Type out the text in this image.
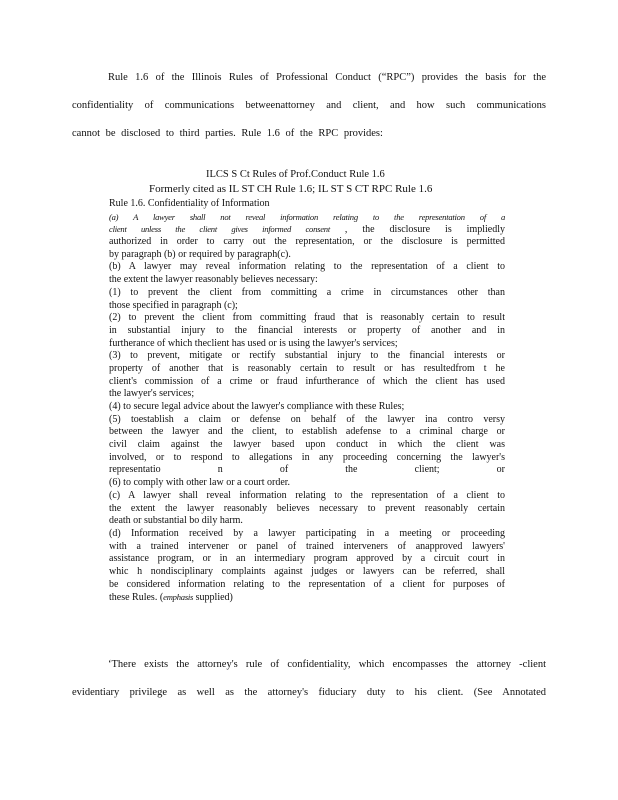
Rule 1.6 of the Illinois Rules of Professional Conduct (“RPC”) provides the basis for the
confidentiality of communications betweenattorney and client, and how such communications
cannot be disclosed to third parties. Rule 1.6 of the RPC provides:
ILCS S Ct Rules of Prof.Conduct Rule 1.6
Formerly cited as IL ST CH Rule 1.6; IL ST S CT RPC Rule 1.6
Rule 1.6. Confidentiality of Information
(a) A lawyer shall not reveal information relating to the representation of a
client unless the client gives informed consent , the disclosure is impliedly
authorized in order to carry out the representation, or the disclosure is permitted
by paragraph (b) or required by paragraph(c).
(b) A lawyer may reveal information relating to the representation of a client to
the extent the lawyer reasonably believes necessary:
(1) to prevent the client from committing a crime in circumstances other than
those specified in paragraph (c);
(2) to prevent the client from committing fraud that is reasonably certain to result
in substantial injury to the financial interests or property of another and in
furtherance of which theclient has used or is using the lawyer's services;
(3) to prevent, mitigate or rectify substantial injury to the financial interests or
property of another that is reasonably certain to result or has resultedfrom t he
client's commission of a crime or fraud infurtherance of which the client has used
the lawyer's services;
(4) to secure legal advice about the lawyer's compliance with these Rules;
(5) toestablish a claim or defense on behalf of the lawyer ina contro versy
between the lawyer and the client, to establish adefense to a criminal charge or
civil claim against the lawyer based upon conduct in which the client was
involved, or to respond to allegations in any proceeding concerning the lawyer's
representatio n of the client; or
(6) to comply with other law or a court order.
(c) A lawyer shall reveal information relating to the representation of a client to
the extent the lawyer reasonably believes necessary to prevent reasonably certain
death or substantial bo dily harm.
(d) Information received by a lawyer participating in a meeting or proceeding
with a trained intervener or panel of trained interveners of anapproved lawyers'
assistance program, or in an intermediary program approved by a circuit court in
whic h nondisciplinary complaints against judges or lawyers can be referred, shall
be considered information relating to the representation of a client for purposes of
these Rules. (emphasis supplied)
‘There exists the attorney's rule of confidentiality, which encompasses the attorney -client
evidentiary privilege as well as the attorney's fiduciary duty to his client. (See Annotated
